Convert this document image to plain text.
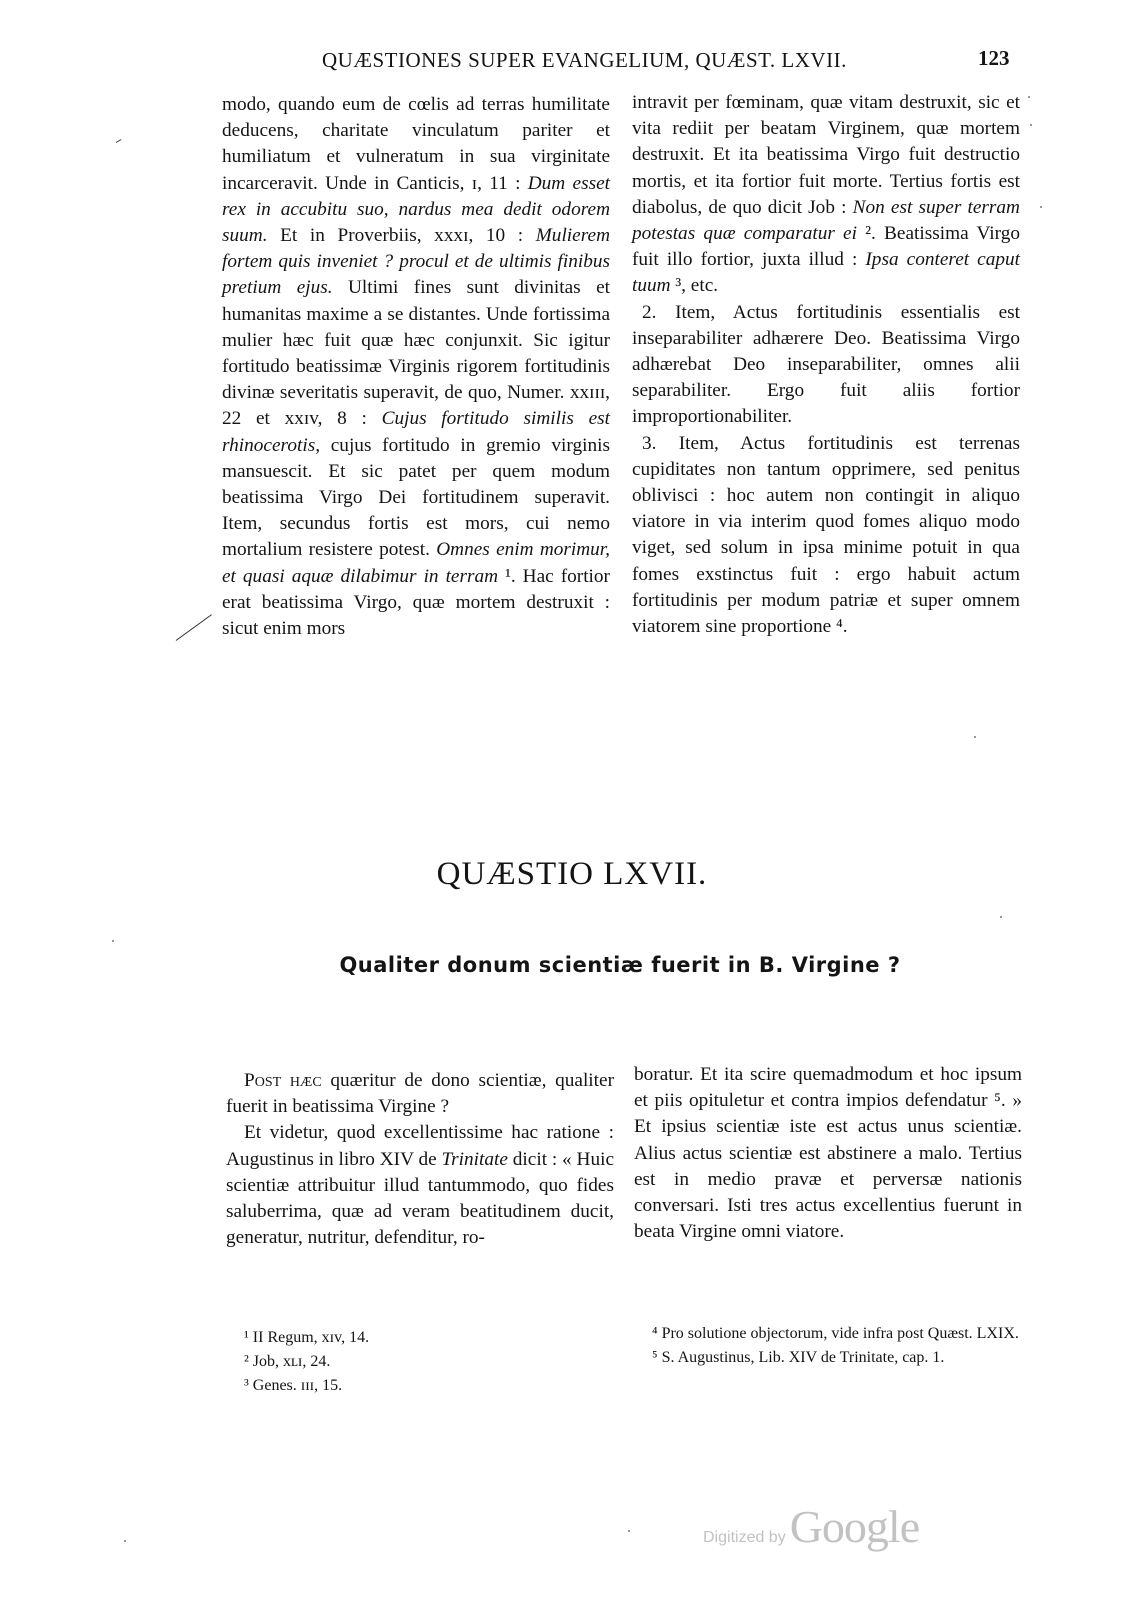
QUÆSTIONES SUPER EVANGELIUM, QUÆST. LXVII.	123

modo, quando eum de cœlis ad terras humilitate deducens, charitate vinculatum pariter et humiliatum et vulneratum in sua virginitate incarceravit. Unde in Canticis, ɪ, 11 : Dum esset rex in accubitu suo, nardus mea dedit odorem suum. Et in Proverbiis, xxxɪ, 10 : Mulierem fortem quis inveniet ? procul et de ultimis finibus pretium ejus. Ultimi fines sunt divinitas et humanitas maxime a se distantes. Unde fortissima mulier hæc fuit quæ hæc conjunxit. Sic igitur fortitudo beatissimæ Virginis rigorem fortitudinis divinæ severitatis superavit, de quo, Numer. xxɪɪɪ, 22 et xxɪv, 8 : Cujus fortitudo similis est rhinocerotis, cujus fortitudo in gremio virginis mansuescit. Et sic patet per quem modum beatissima Virgo Dei fortitudinem superavit. Item, secundus fortis est mors, cui nemo mortalium resistere potest. Omnes enim morimur, et quasi aquæ dilabimur in terram ¹. Hac fortior erat beatissima Virgo, quæ mortem destruxit : sicut enim mors

intravit per fœminam, quæ vitam destruxit, sic et vita rediit per beatam Virginem, quæ mortem destruxit. Et ita beatissima Virgo fuit destructio mortis, et ita fortior fuit morte. Tertius fortis est diabolus, de quo dicit Job : Non est super terram potestas quæ comparatur ei ². Beatissima Virgo fuit illo fortior, juxta illud : Ipsa conteret caput tuum ³, etc.

2. Item, Actus fortitudinis essentialis est inseparabiliter adhærere Deo. Beatissima Virgo adhærebat Deo inseparabiliter, omnes alii separabiliter. Ergo fuit aliis fortior improportionabiliter.

3. Item, Actus fortitudinis est terrenas cupiditates non tantum opprimere, sed penitus oblivisci : hoc autem non contingit in aliquo viatore in via interim quod fomes aliquo modo viget, sed solum in ipsa minime potuit in qua fomes exstinctus fuit : ergo habuit actum fortitudinis per modum patriæ et super omnem viatorem sine proportione ⁴.

QUÆSTIO LXVII.
Qualiter donum scientiæ fuerit in B. Virgine ?

Post hæc quæritur de dono scientiæ, qualiter fuerit in beatissima Virgine ?

Et videtur, quod excellentissime hac ratione : Augustinus in libro XIV de Trinitate dicit : « Huic scientiæ attribuitur illud tantummodo, quo fides saluberrima, quæ ad veram beatitudinem ducit, generatur, nutritur, defenditur, ro-

boratur. Et ita scire quemadmodum et hoc ipsum et piis opituletur et contra impios defendatur ⁵. » Et ipsius scientiæ iste est actus unus scientiæ. Alius actus scientiæ est abstinere a malo. Tertius est in medio pravæ et perversæ nationis conversari. Isti tres actus excellentius fuerunt in beata Virgine omni viatore.

¹ II Regum, xɪv, 14.

² Job, xʟɪ, 24.

³ Genes. ɪɪɪ, 15.

⁴ Pro solutione objectorum, vide infra post Quæst. LXIX.

⁵ S. Augustinus, Lib. XIV de Trinitate, cap. 1.

Digitized by Google
